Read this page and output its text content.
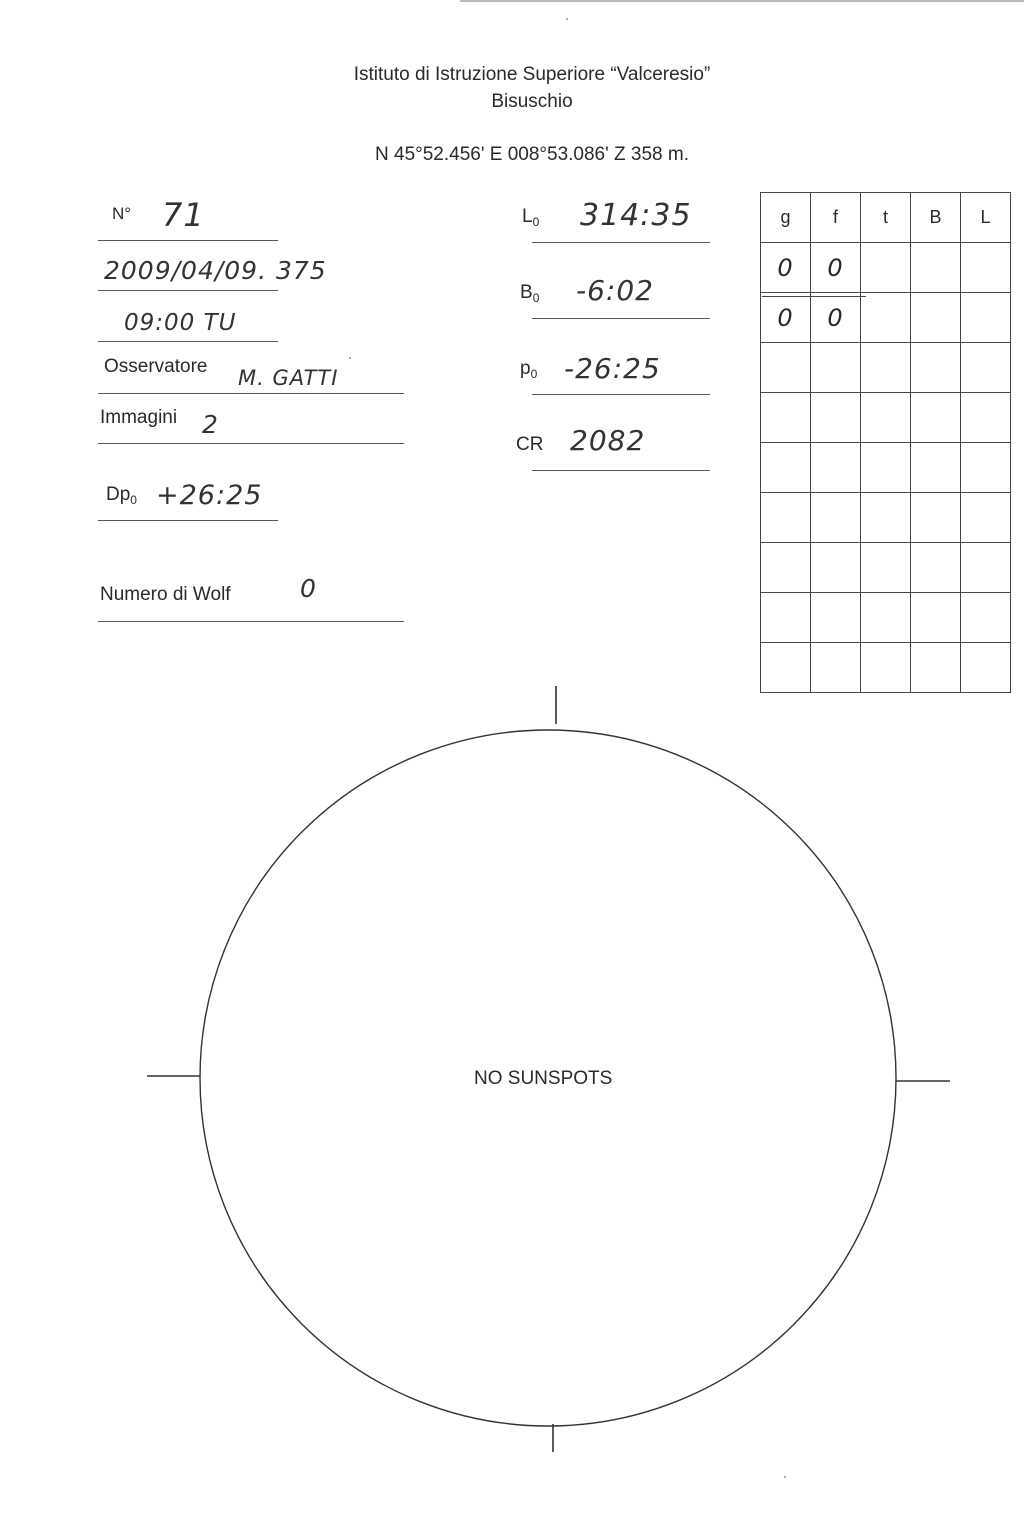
Istituto di Istruzione Superiore “Valceresio”
Bisuschio
N 45°52.456' E 008°53.086' Z 358 m.
N° 71
2009/04/09. 375
09:00 TU
Osservatore M. GATTI
Immagini 2
$Dp_0$ +26:25
Numero di Wolf	0
$L_0$ 314:35
$B_0$ -6:02
$p_0$ -26:25
CR 2082
g	f	t	B	L
0	0			
0	0			

NO SUNSPOTS
